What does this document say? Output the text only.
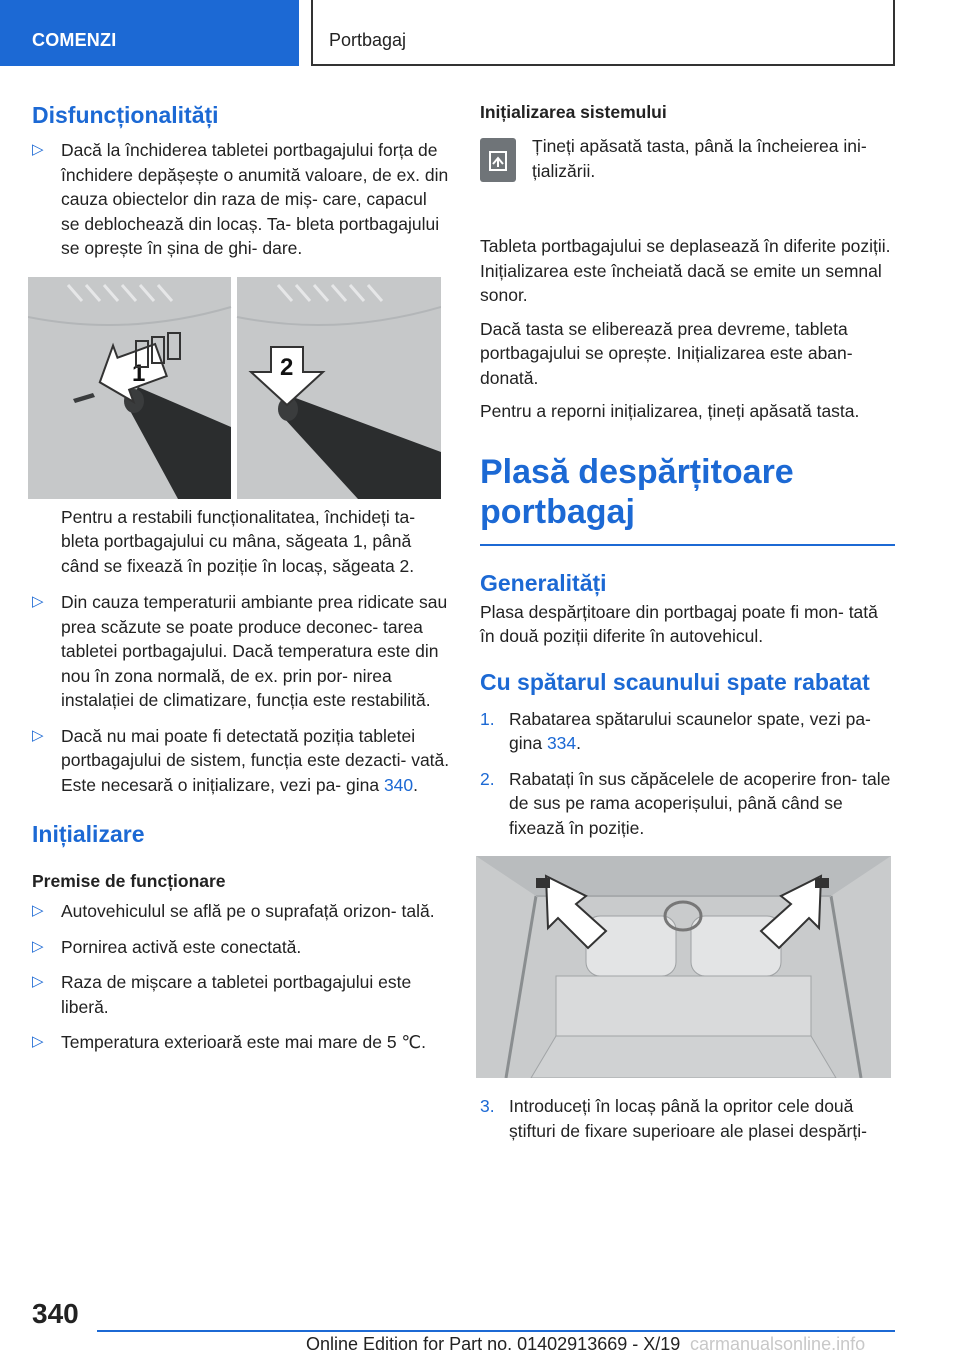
COMENZI	Portbagaj
Disfuncționalități
▷ Dacă la închiderea tabletei portbagajului forța de închidere depășește o anumită valoare, de ex. din cauza obiectelor din raza de miș- care, capacul se deblochează din locaș. Ta- bleta portbagajului se oprește în șina de ghi- dare.
1	2

Pentru a restabili funcționalitatea, închideți ta- bleta portbagajului cu mâna, săgeata 1, până când se fixează în poziție în locaș, săgeata 2.

▷ Din cauza temperaturii ambiante prea ridicate sau prea scăzute se poate produce deconec- tarea tabletei portbagajului. Dacă temperatura este din nou în zona normală, de ex. prin por- nirea instalației de climatizare, funcția este restabilită.
▷ Dacă nu mai poate fi detectată poziția tabletei portbagajului de sistem, funcția este dezacti- vată. Este necesară o inițializare, vezi pa- gina 340.
Inițializare
Premise de funcționare
▷ Autovehiculul se află pe o suprafață orizon- tală.
▷ Pornirea activă este conectată.
▷ Raza de mișcare a tabletei portbagajului este liberă.
▷ Temperatura exterioară este mai mare de 5 ℃.
Inițializarea sistemului

Țineți apăsată tasta, până la încheierea ini- țializării.

Tableta portbagajului se deplasează în diferite poziții. Inițializarea este încheiată dacă se emite un semnal sonor.

Dacă tasta se eliberează prea devreme, tableta portbagajului se oprește. Inițializarea este aban- donată.

Pentru a reporni inițializarea, țineți apăsată tasta.

Plasă despărțitoare
portbagaj
Generalități

Plasa despărțitoare din portbagaj poate fi mon- tată în două poziții diferite în autovehicul.

Cu spătarul scaunului spate rabatat
1. Rabatarea spătarului scaunelor spate, vezi pa- gina 334.
2. Rabatați în sus căpăcelele de acoperire fron- tale de sus pe rama acoperișului, până când se fixează în poziție.
3. Introduceți în locaș până la opritor cele două știfturi de fixare superioare ale plasei despărți-
340
Online Edition for Part no. 01402913669 - X/19 carmanualsonline.info
